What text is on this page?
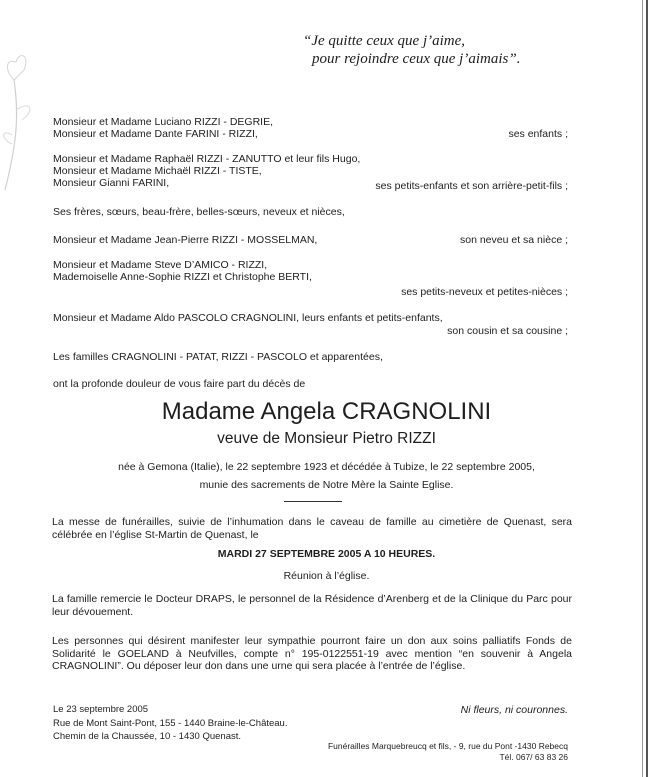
“Je quitte ceux que j’aime,
pour rejoindre ceux que j’aimais”.
Monsieur et Madame Luciano RIZZI - DEGRIE,
Monsieur et Madame Dante FARINI - RIZZI,	ses enfants ;
Monsieur et Madame Raphaël RIZZI - ZANUTTO et leur fils Hugo,
Monsieur et Madame Michaël RIZZI - TISTE,
Monsieur Gianni FARINI,	ses petits-enfants et son arrière-petit-fils ;
Ses frères, sœurs, beau-frère, belles-sœurs, neveux et nièces,
Monsieur et Madame Jean-Pierre RIZZI - MOSSELMAN,	son neveu et sa nièce ;
Monsieur et Madame Steve D’AMICO - RIZZI,
Mademoiselle Anne-Sophie RIZZI et Christophe BERTI,
ses petits-neveux et petites-nièces ;
Monsieur et Madame Aldo PASCOLO CRAGNOLINI, leurs enfants et petits-enfants,
son cousin et sa cousine ;
Les familles CRAGNOLINI - PATAT, RIZZI - PASCOLO et apparentées,
ont la profonde douleur de vous faire part du décès de
Madame Angela CRAGNOLINI
veuve de Monsieur Pietro RIZZI
née à Gemona (Italie), le 22 septembre 1923 et décédée à Tubize, le 22 septembre 2005,
munie des sacrements de Notre Mère la Sainte Eglise.
La messe de funérailles, suivie de l’inhumation dans le caveau de famille au cimetière de Quenast, sera célébrée en l’église St-Martin de Quenast, le
MARDI 27 SEPTEMBRE 2005 A 10 HEURES.
Réunion à l’église.
La famille remercie le Docteur DRAPS, le personnel de la Résidence d’Arenberg et de la Clinique du Parc pour leur dévouement.
Les personnes qui désirent manifester leur sympathie pourront faire un don aux soins palliatifs Fonds de Solidarité le GOELAND à Neufvilles, compte n° 195-0122551-19 avec mention “en souvenir à Angela CRAGNOLINI”. Ou déposer leur don dans une urne qui sera placée à l’entrée de l’église.
Le 23 septembre 2005
Rue de Mont Saint-Pont, 155 - 1440 Braine-le-Château.
Chemin de la Chaussée, 10 - 1430 Quenast.
Ni fleurs, ni couronnes.
Funérailles Marquebreucq et fils, - 9, rue du Pont -1430 Rebecq
Tél. 067/ 63 83 26
